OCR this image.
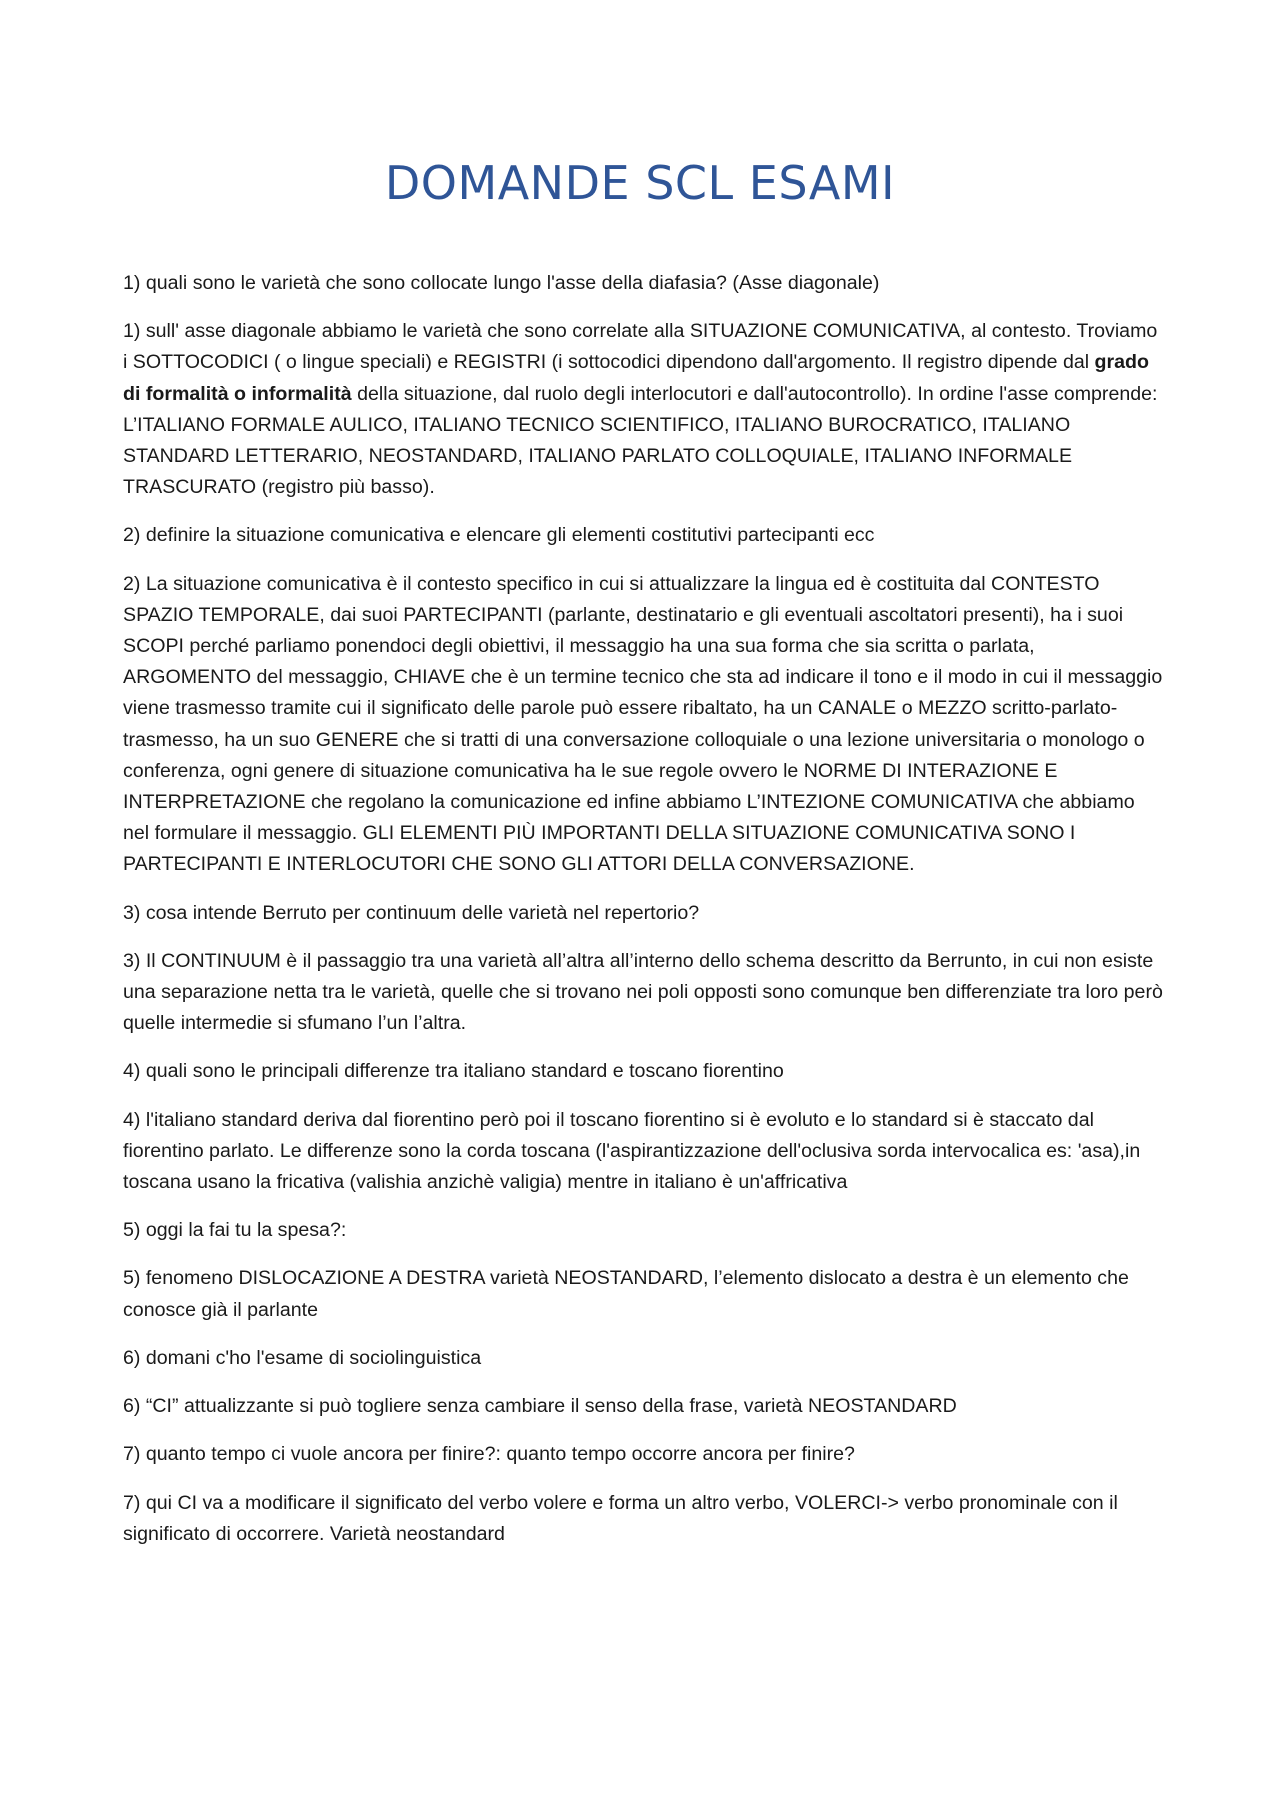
DOMANDE SCL ESAMI

1) quali sono le varietà che sono collocate lungo l'asse della diafasia? (Asse diagonale)

1) sull' asse diagonale abbiamo le varietà che sono correlate alla SITUAZIONE COMUNICATIVA, al contesto. Troviamo i SOTTOCODICI ( o lingue speciali) e REGISTRI (i sottocodici dipendono dall'argomento. Il registro dipende dal grado di formalità o informalità della situazione, dal ruolo degli interlocutori e dall'autocontrollo). In ordine l'asse comprende: L’ITALIANO FORMALE AULICO, ITALIANO TECNICO SCIENTIFICO, ITALIANO BUROCRATICO, ITALIANO STANDARD LETTERARIO, NEOSTANDARD, ITALIANO PARLATO COLLOQUIALE, ITALIANO INFORMALE TRASCURATO (registro più basso).

2) definire la situazione comunicativa e elencare gli elementi costitutivi partecipanti ecc

2) La situazione comunicativa è il contesto specifico in cui si attualizzare la lingua ed è costituita dal CONTESTO SPAZIO TEMPORALE, dai suoi PARTECIPANTI (parlante, destinatario e gli eventuali ascoltatori presenti), ha i suoi SCOPI perché parliamo ponendoci degli obiettivi, il messaggio ha una sua forma che sia scritta o parlata, ARGOMENTO del messaggio, CHIAVE che è un termine tecnico che sta ad indicare il tono e il modo in cui il messaggio viene trasmesso tramite cui il significato delle parole può essere ribaltato, ha un CANALE o MEZZO scritto-parlato-trasmesso, ha un suo GENERE che si tratti di una conversazione colloquiale o una lezione universitaria o monologo o conferenza, ogni genere di situazione comunicativa ha le sue regole ovvero le NORME DI INTERAZIONE E INTERPRETAZIONE che regolano la comunicazione ed infine abbiamo L’INTEZIONE COMUNICATIVA che abbiamo nel formulare il messaggio. GLI ELEMENTI PIÙ IMPORTANTI DELLA SITUAZIONE COMUNICATIVA SONO I PARTECIPANTI E INTERLOCUTORI CHE SONO GLI ATTORI DELLA CONVERSAZIONE.

3) cosa intende Berruto per continuum delle varietà nel repertorio?

3) Il CONTINUUM è il passaggio tra una varietà all’altra all’interno dello schema descritto da Berrunto, in cui non esiste una separazione netta tra le varietà, quelle che si trovano nei poli opposti sono comunque ben differenziate tra loro però quelle intermedie si sfumano l’un l’altra.

4) quali sono le principali differenze tra italiano standard e toscano fiorentino

4) l'italiano standard deriva dal fiorentino però poi il toscano fiorentino si è evoluto e lo standard si è staccato dal fiorentino parlato. Le differenze sono la corda toscana (l'aspirantizzazione dell'oclusiva sorda intervocalica es: 'asa),in toscana usano la fricativa (valishia anzichè valigia) mentre in italiano è un'affricativa

5) oggi la fai tu la spesa?:

5) fenomeno DISLOCAZIONE A DESTRA varietà NEOSTANDARD, l’elemento dislocato a destra è un elemento che conosce già il parlante

6) domani c'ho l'esame di sociolinguistica

6) “CI” attualizzante si può togliere senza cambiare il senso della frase, varietà NEOSTANDARD

7) quanto tempo ci vuole ancora per finire?: quanto tempo occorre ancora per finire?

7) qui CI va a modificare il significato del verbo volere e forma un altro verbo, VOLERCI-> verbo pronominale con il significato di occorrere. Varietà neostandard
